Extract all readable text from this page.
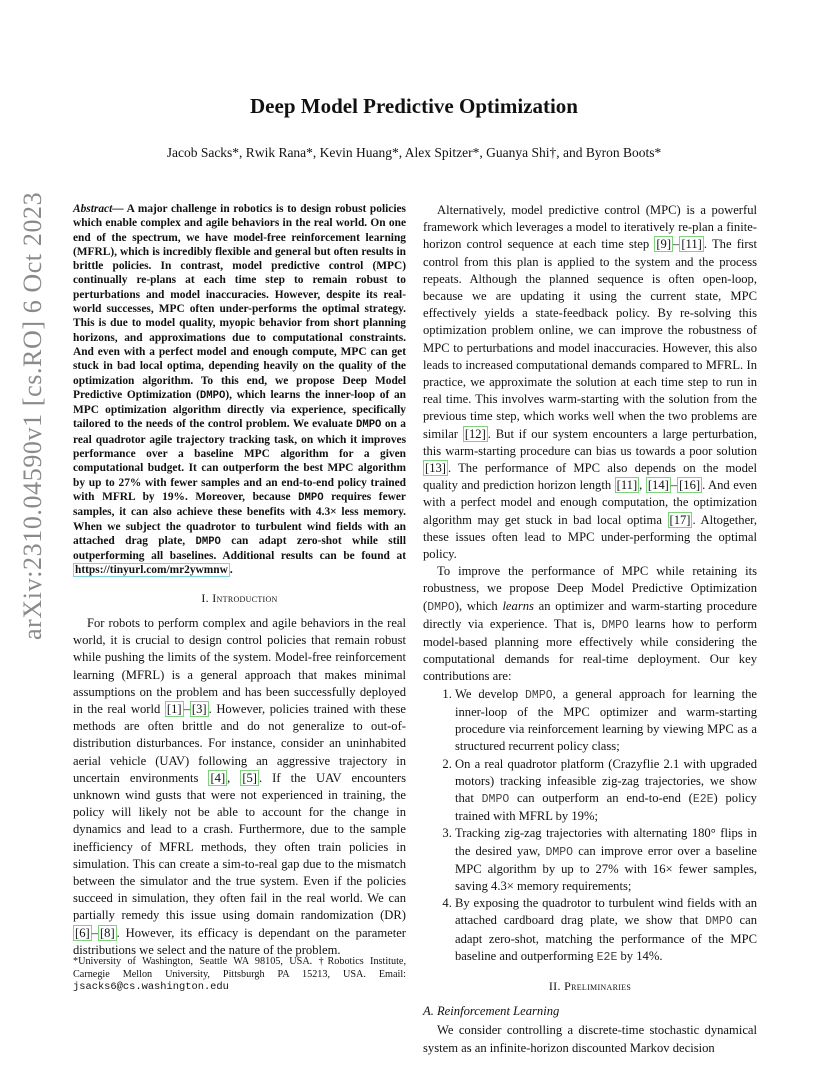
Deep Model Predictive Optimization
Jacob Sacks*, Rwik Rana*, Kevin Huang*, Alex Spitzer*, Guanya Shi†, and Byron Boots*
arXiv:2310.04590v1 [cs.RO] 6 Oct 2023	Abstract— A major challenge in robotics is to design robust policies which enable complex and agile behaviors in the real world. On one end of the spectrum, we have model-free reinforcement learning (MFRL), which is incredibly flexible and general but often results in brittle policies. In contrast, model predictive control (MPC) continually re-plans at each time step to remain robust to perturbations and model inaccuracies. However, despite its real-world successes, MPC often under-performs the optimal strategy. This is due to model quality, myopic behavior from short planning horizons, and approximations due to computational constraints. And even with a perfect model and enough compute, MPC can get stuck in bad local optima, depending heavily on the quality of the optimization algorithm. To this end, we propose Deep Model Predictive Optimization (DMPO), which learns the inner-loop of an MPC optimization algorithm directly via experience, specifically tailored to the needs of the control problem. We evaluate DMPO on a real quadrotor agile trajectory tracking task, on which it improves performance over a baseline MPC algorithm for a given computational budget. It can outperform the best MPC algorithm by up to 27% with fewer samples and an end-to-end policy trained with MFRL by 19%. Moreover, because DMPO requires fewer samples, it can also achieve these benefits with 4.3× less memory. When we subject the quadrotor to turbulent wind fields with an attached drag plate, DMPO can adapt zero-shot while still outperforming all baselines. Additional results can be found at https://tinyurl.com/mr2ywmnw .
I. Introduction

For robots to perform complex and agile behaviors in the real world, it is crucial to design control policies that remain robust while pushing the limits of the system. Model-free reinforcement learning (MFRL) is a general approach that makes minimal assumptions on the problem and has been successfully deployed in the real world [1] – [3] . However, policies trained with these methods are often brittle and do not generalize to out-of-distribution disturbances. For instance, consider an uninhabited aerial vehicle (UAV) following an aggressive trajectory in uncertain environments [4] , [5] . If the UAV encounters unknown wind gusts that were not experienced in training, the policy will likely not be able to account for the change in dynamics and lead to a crash. Furthermore, due to the sample inefficiency of MFRL methods, they often train policies in simulation. This can create a sim-to-real gap due to the mismatch between the simulator and the true system. Even if the policies succeed in simulation, they often fail in the real world. We can partially remedy this issue using domain randomization (DR) [6] – [8] . However, its efficacy is dependant on the parameter distributions we select and the nature of the problem.

*University of Washington, Seattle WA 98105, USA. †Robotics Institute, Carnegie Mellon University, Pittsburgh PA 15213, USA. Email: jsacks6@cs.washington.edu

Alternatively, model predictive control (MPC) is a powerful framework which leverages a model to iteratively re-plan a finite-horizon control sequence at each time step [9] – [11] . The first control from this plan is applied to the system and the process repeats. Although the planned sequence is often open-loop, because we are updating it using the current state, MPC effectively yields a state-feedback policy. By re-solving this optimization problem online, we can improve the robustness of MPC to perturbations and model inaccuracies. However, this also leads to increased computational demands compared to MFRL. In practice, we approximate the solution at each time step to run in real time. This involves warm-starting with the solution from the previous time step, which works well when the two problems are similar [12] . But if our system encounters a large perturbation, this warm-starting procedure can bias us towards a poor solution [13] . The performance of MPC also depends on the model quality and prediction horizon length [11] , [14] – [16] . And even with a perfect model and enough computation, the optimization algorithm may get stuck in bad local optima [17] . Altogether, these issues often lead to MPC under-performing the optimal policy.

To improve the performance of MPC while retaining its robustness, we propose Deep Model Predictive Optimization (DMPO), which learns an optimizer and warm-starting procedure directly via experience. That is, DMPO learns how to perform model-based planning more effectively while considering the computational demands for real-time deployment. Our key contributions are:

1. We develop DMPO, a general approach for learning the inner-loop of the MPC optimizer and warm-starting procedure via reinforcement learning by viewing MPC as a structured recurrent policy class;
2. On a real quadrotor platform (Crazyflie 2.1 with upgraded motors) tracking infeasible zig-zag trajectories, we show that DMPO can outperform an end-to-end (E2E) policy trained with MFRL by 19%;
3. Tracking zig-zag trajectories with alternating 180° flips in the desired yaw, DMPO can improve error over a baseline MPC algorithm by up to 27% with 16× fewer samples, saving 4.3× memory requirements;
4. By exposing the quadrotor to turbulent wind fields with an attached cardboard drag plate, we show that DMPO can adapt zero-shot, matching the performance of the MPC baseline and outperforming E2E by 14%.
II. Preliminaries
A. Reinforcement Learning

We consider controlling a discrete-time stochastic dynamical system as an infinite-horizon discounted Markov decision
